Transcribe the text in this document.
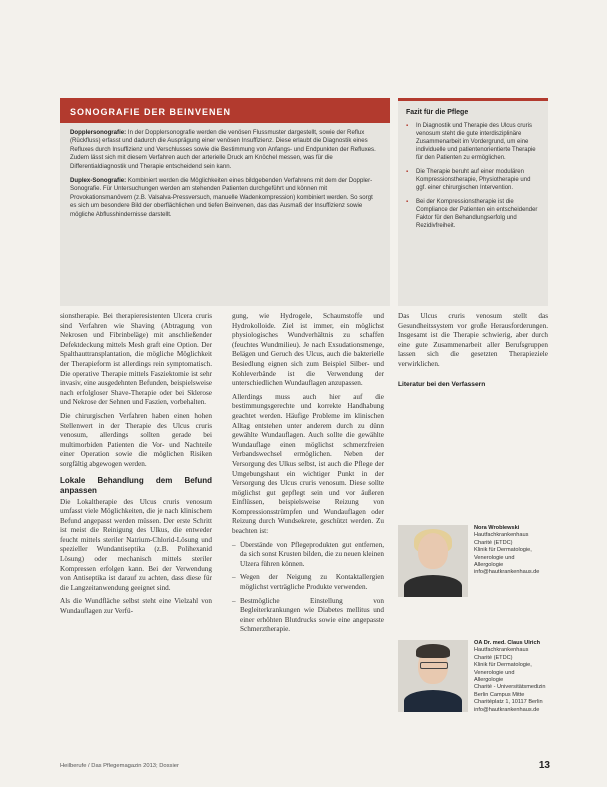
SONOGRAFIE DER BEINVENEN

Dopplersonografie: In der Dopplersonografie werden die venösen Flussmuster dargestellt, sowie der Reflux (Rückfluss) erfasst und dadurch die Ausprägung einer venösen Insuffizienz. Diese erlaubt die Diagnostik eines Refluxes durch Insuffizienz und Verschlusses sowie die Bestimmung von Anfangs- und Endpunkten der Refluxes. Zudem lässt sich mit diesem Verfahren auch der arterielle Druck am Knöchel messen, was für die Differentialdiagnostik und Therapie entscheidend sein kann.

Duplex-Sonografie: Kombiniert werden die Möglichkeiten eines bildgebenden Verfahrens mit dem der Doppler-Sonografie. Für Untersuchungen werden am stehenden Patienten durchgeführt und können mit Provokationsmanövern (z.B. Valsalva-Pressversuch, manuelle Wadenkompression) kombiniert werden. So sorgt es sich um besondere Bild der oberflächlichen und tiefen Beinvenen, das das Ausmaß der Insuffizienz sowie mögliche Abflusshindernisse darstellt.

Fazit für die Pflege
▪ In Diagnostik und Therapie des Ulcus cruris venosum steht die gute interdisziplinäre Zusammenarbeit im Vordergrund, um eine individuelle und patientenorientierte Therapie für den Patienten zu ermöglichen.
▪ Die Therapie beruht auf einer modulären Kompressionstherapie, Physiotherapie und ggf. einer chirurgischen Intervention.
▪ Bei der Kompressionstherapie ist die Compliance der Patienten ein entscheidender Faktor für den Behandlungserfolg und Rezidivfreiheit.

sionstherapie. Bei therapieresistenten Ulcera cruris sind Verfahren wie Shaving (Abtragung von Nekrosen und Fibrinbeläge) mit anschließender Defektdeckung mittels Mesh graft eine Option. Der Spalthauttransplantation, die mögliche Möglichkeit der Therapieform ist allerdings rein symptomatisch. Die operative Therapie mittels Fasziektomie ist sehr invasiv, eine ausgedehnten Befunden, beispielsweise nach erfolgloser Shave-Therapie oder bei Sklerose und Nekrose der Sehnen und Faszien, vorbehalten.

Die chirurgischen Verfahren haben einen hohen Stellenwert in der Therapie des Ulcus cruris venosum, allerdings sollten gerade bei multimorbiden Patienten die Vor- und Nachteile einer Operation sowie die möglichen Risiken sorgfältig abgewogen werden.

Lokale Behandlung dem Befund anpassen

Die Lokaltherapie des Ulcus cruris venosum umfasst viele Möglichkeiten, die je nach klinischem Befund angepasst werden müssen. Der erste Schritt ist meist die Reinigung des Ulkus, die entweder feucht mittels steriler Natrium-Chlorid-Lösung und spezieller Wundantiseptika (z.B. Polihexanid Lösung) oder mechanisch mittels steriler Kompressen erfolgen kann. Bei der Verwendung von Antiseptika ist darauf zu achten, dass diese für die Langzeitanwendung geeignet sind.

Als die Wundfläche selbst steht eine Vielzahl von Wundauflagen zur Verfü-

gung, wie Hydrogele, Schaumstoffe und Hydrokolloide. Ziel ist immer, ein möglichst physiologisches Wundverhältnis zu schaffen (feuchtes Wundmilieu). Je nach Exsudationsmenge, Belägen und Geruch des Ulcus, auch die bakterielle Besiedlung eignen sich zum Beispiel Silber- und Kohleverbände ist die Verwendung der unterschiedlichen Wundauflagen anzupassen.

Allerdings muss auch hier auf die bestimmungsgerechte und korrekte Handhabung geachtet werden. Häufige Probleme im klinischen Alltag entstehen unter anderem durch zu dünn gewählte Wundauflagen. Auch sollte die gewählte Wundauflage einen möglichst schmerzfreien Verbandswechsel ermöglichen. Neben der Versorgung des Ulkus selbst, ist auch die Pflege der Umgebungshaut ein wichtiger Punkt in der Versorgung des Ulcus cruris venosum. Diese sollte möglichst gut gepflegt sein und vor äußeren Einflüssen, beispielsweise Reizung von Kompressionsstrümpfen und Wundauflagen oder Reizung durch Wundsekrete, geschützt werden. Zu beachten ist:

– Überstände von Pflegeprodukten gut entfernen, da sich sonst Krusten bilden, die zu neuen kleinen Ulzera führen können.

– Wegen der Neigung zu Kontaktallergien möglichst verträgliche Produkte verwenden.

– Bestmögliche Einstellung von Begleiterkrankungen wie Diabetes mellitus und einer erhöhten Blutdrucks sowie eine angepasste Schmerztherapie.

Das Ulcus cruris venosum stellt das Gesundheitssystem vor große Herausforderungen. Insgesamt ist die Therapie schwierig, aber durch eine gute Zusammenarbeit aller Berufsgruppen lassen sich die gesetzten Therapieziele verwirklichen.

Literatur bei den Verfassern
Nora Wroblewski
Hautfachkrankenhaus
Charité (ETDC)
Klinik für Dermatologie,
Venerologie und
Allergologie
info@hautkrankenhaus.de
OA Dr. med. Claus Ulrich
Hautfachkrankenhaus
Charité (ETDC)
Klinik für Dermatologie,
Venerologie und
Allergologie
Charité - Universitätsmedizin Berlin Campus Mitte
Charitéplatz 1, 10117 Berlin
info@hautkrankenhaus.de
Heilberufe / Das Pflegemagazin 2013; Dossier	13
